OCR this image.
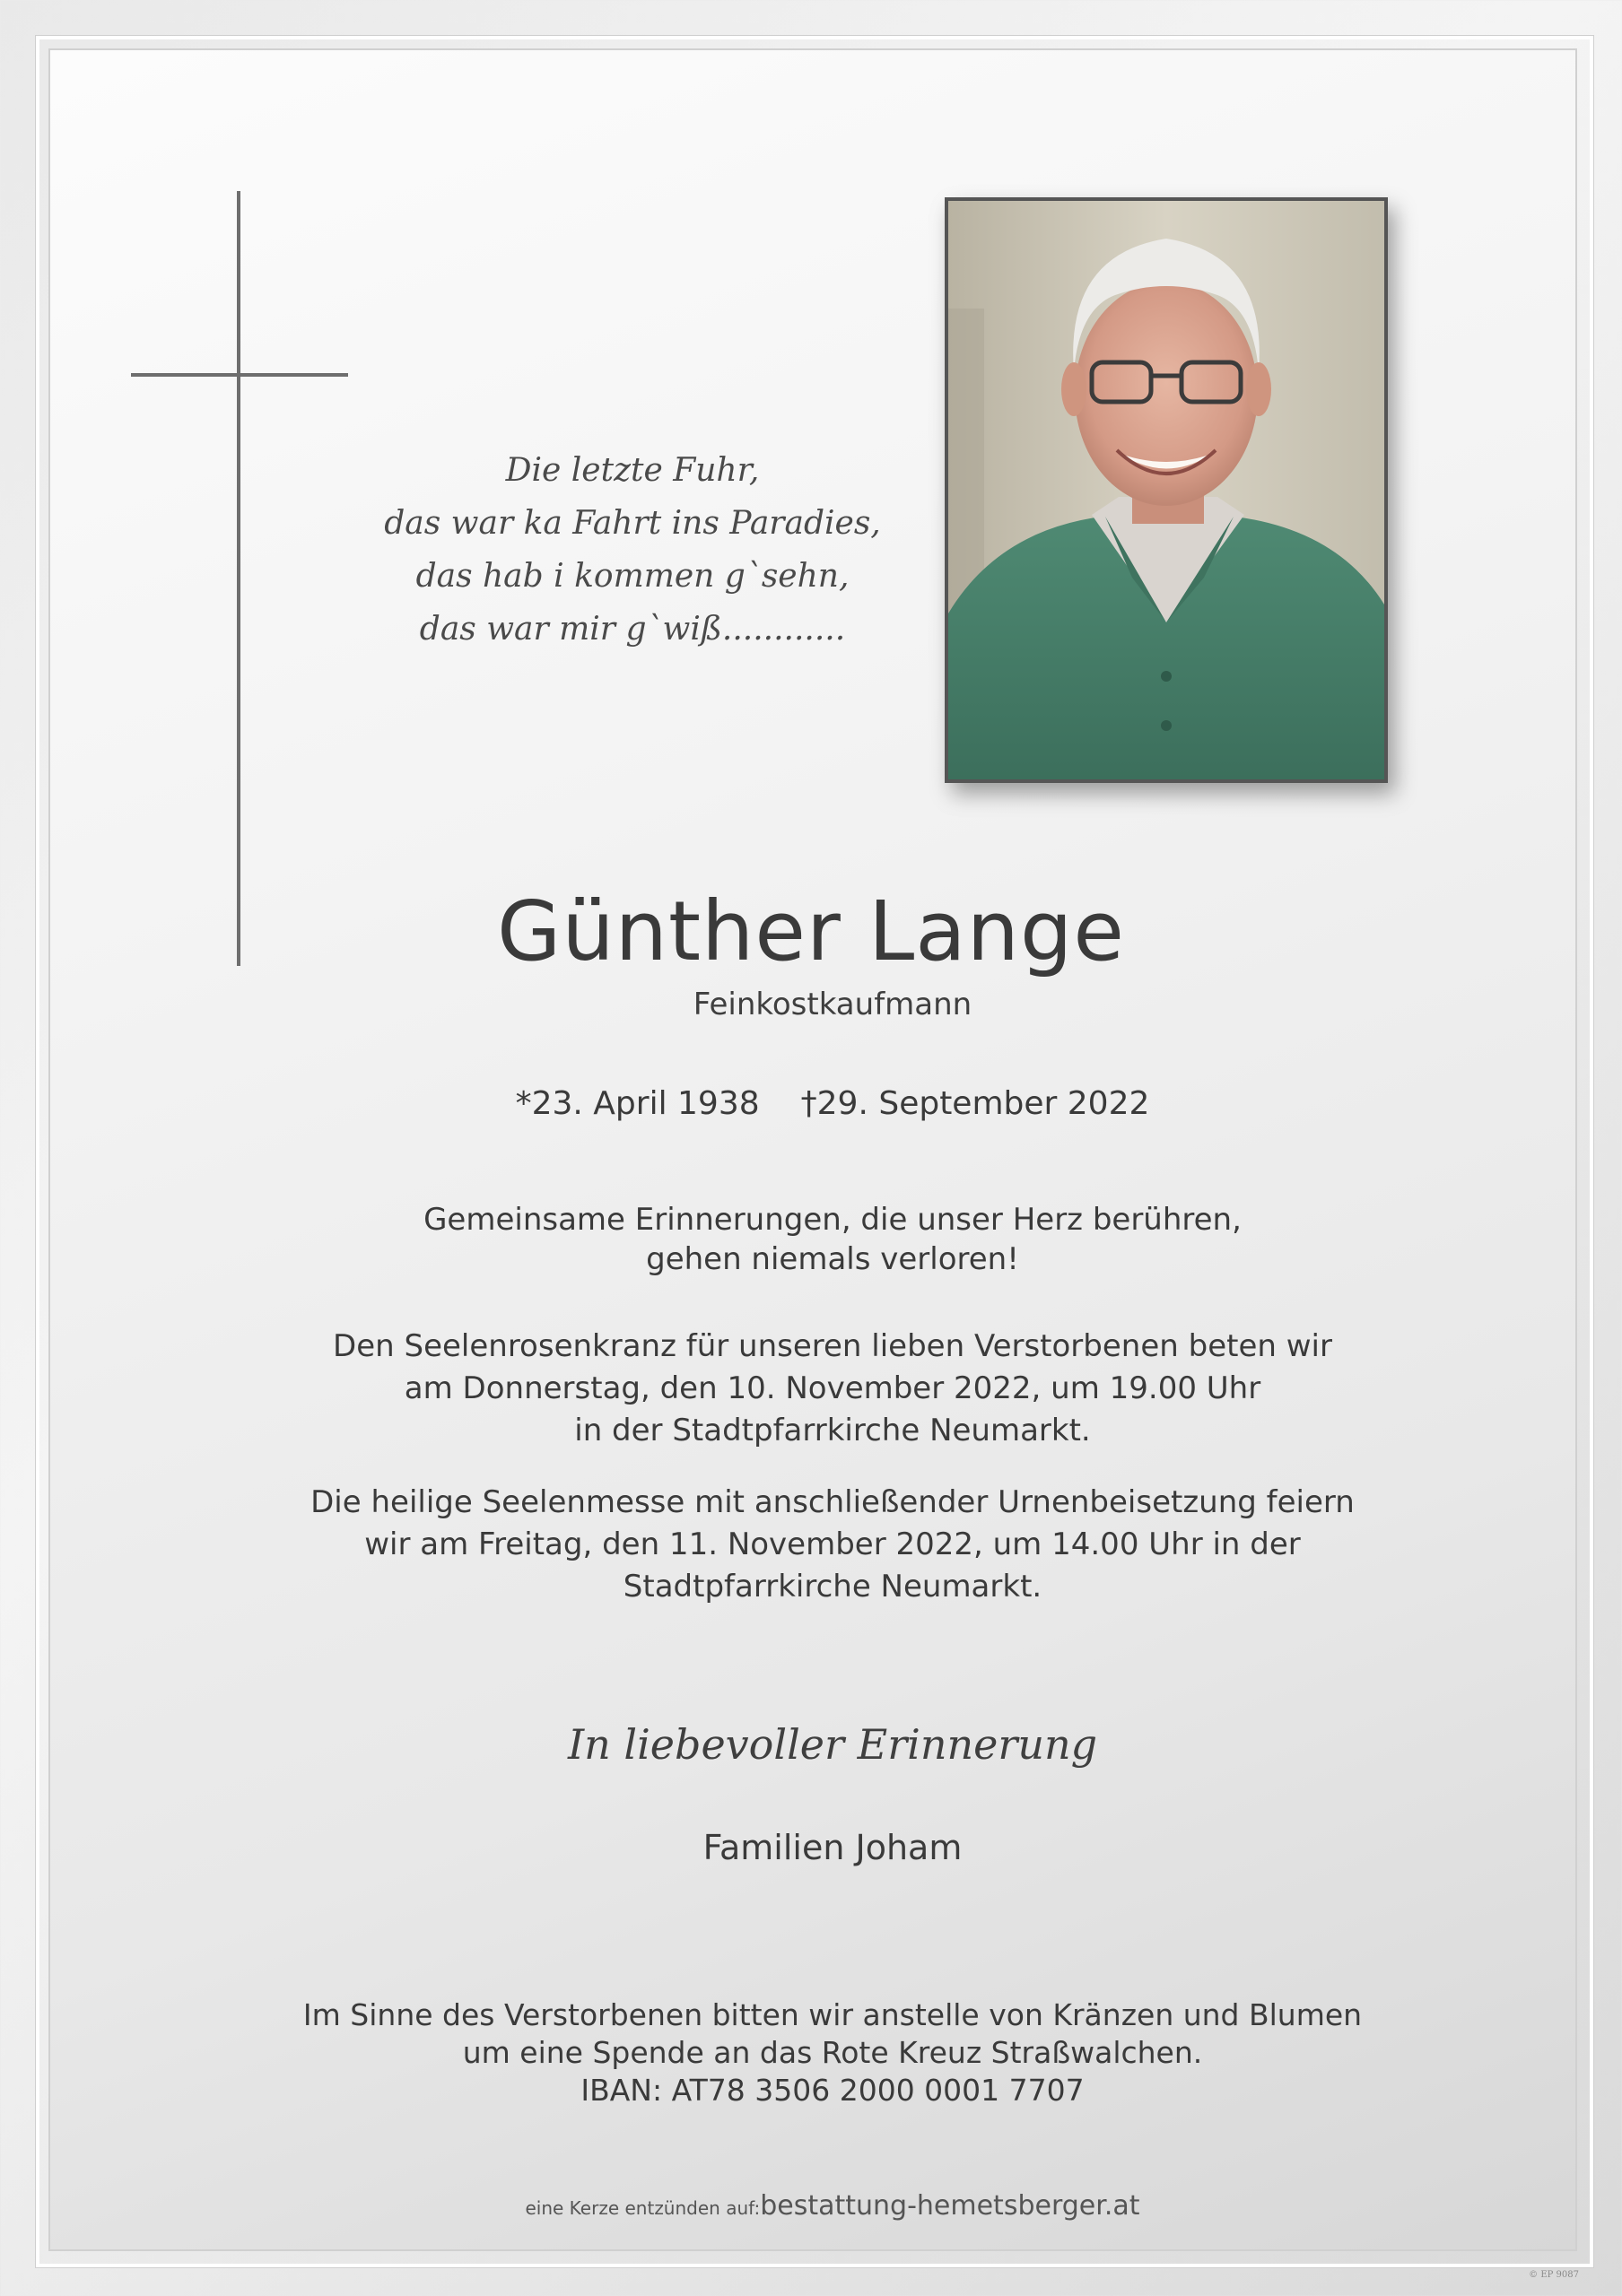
Die letzte Fuhr,
das war ka Fahrt ins Paradies,
das hab i kommen g`sehn,
das war mir g`wiß............
Günther Lange
Feinkostkaufmann
*23. April 1938 †29. September 2022
Gemeinsame Erinnerungen, die unser Herz berühren,
gehen niemals verloren!
Den Seelenrosenkranz für unseren lieben Verstorbenen beten wir
am Donnerstag, den 10. November 2022, um 19.00 Uhr
in der Stadtpfarrkirche Neumarkt.
Die heilige Seelenmesse mit anschließender Urnenbeisetzung feiern
wir am Freitag, den 11. November 2022, um 14.00 Uhr in der
Stadtpfarrkirche Neumarkt.
In liebevoller Erinnerung
Familien Joham
Im Sinne des Verstorbenen bitten wir anstelle von Kränzen und Blumen
um eine Spende an das Rote Kreuz Straßwalchen.
IBAN: AT78 3506 2000 0001 7707
eine Kerze entzünden auf:bestattung-hemetsberger.at
© EP 9087
